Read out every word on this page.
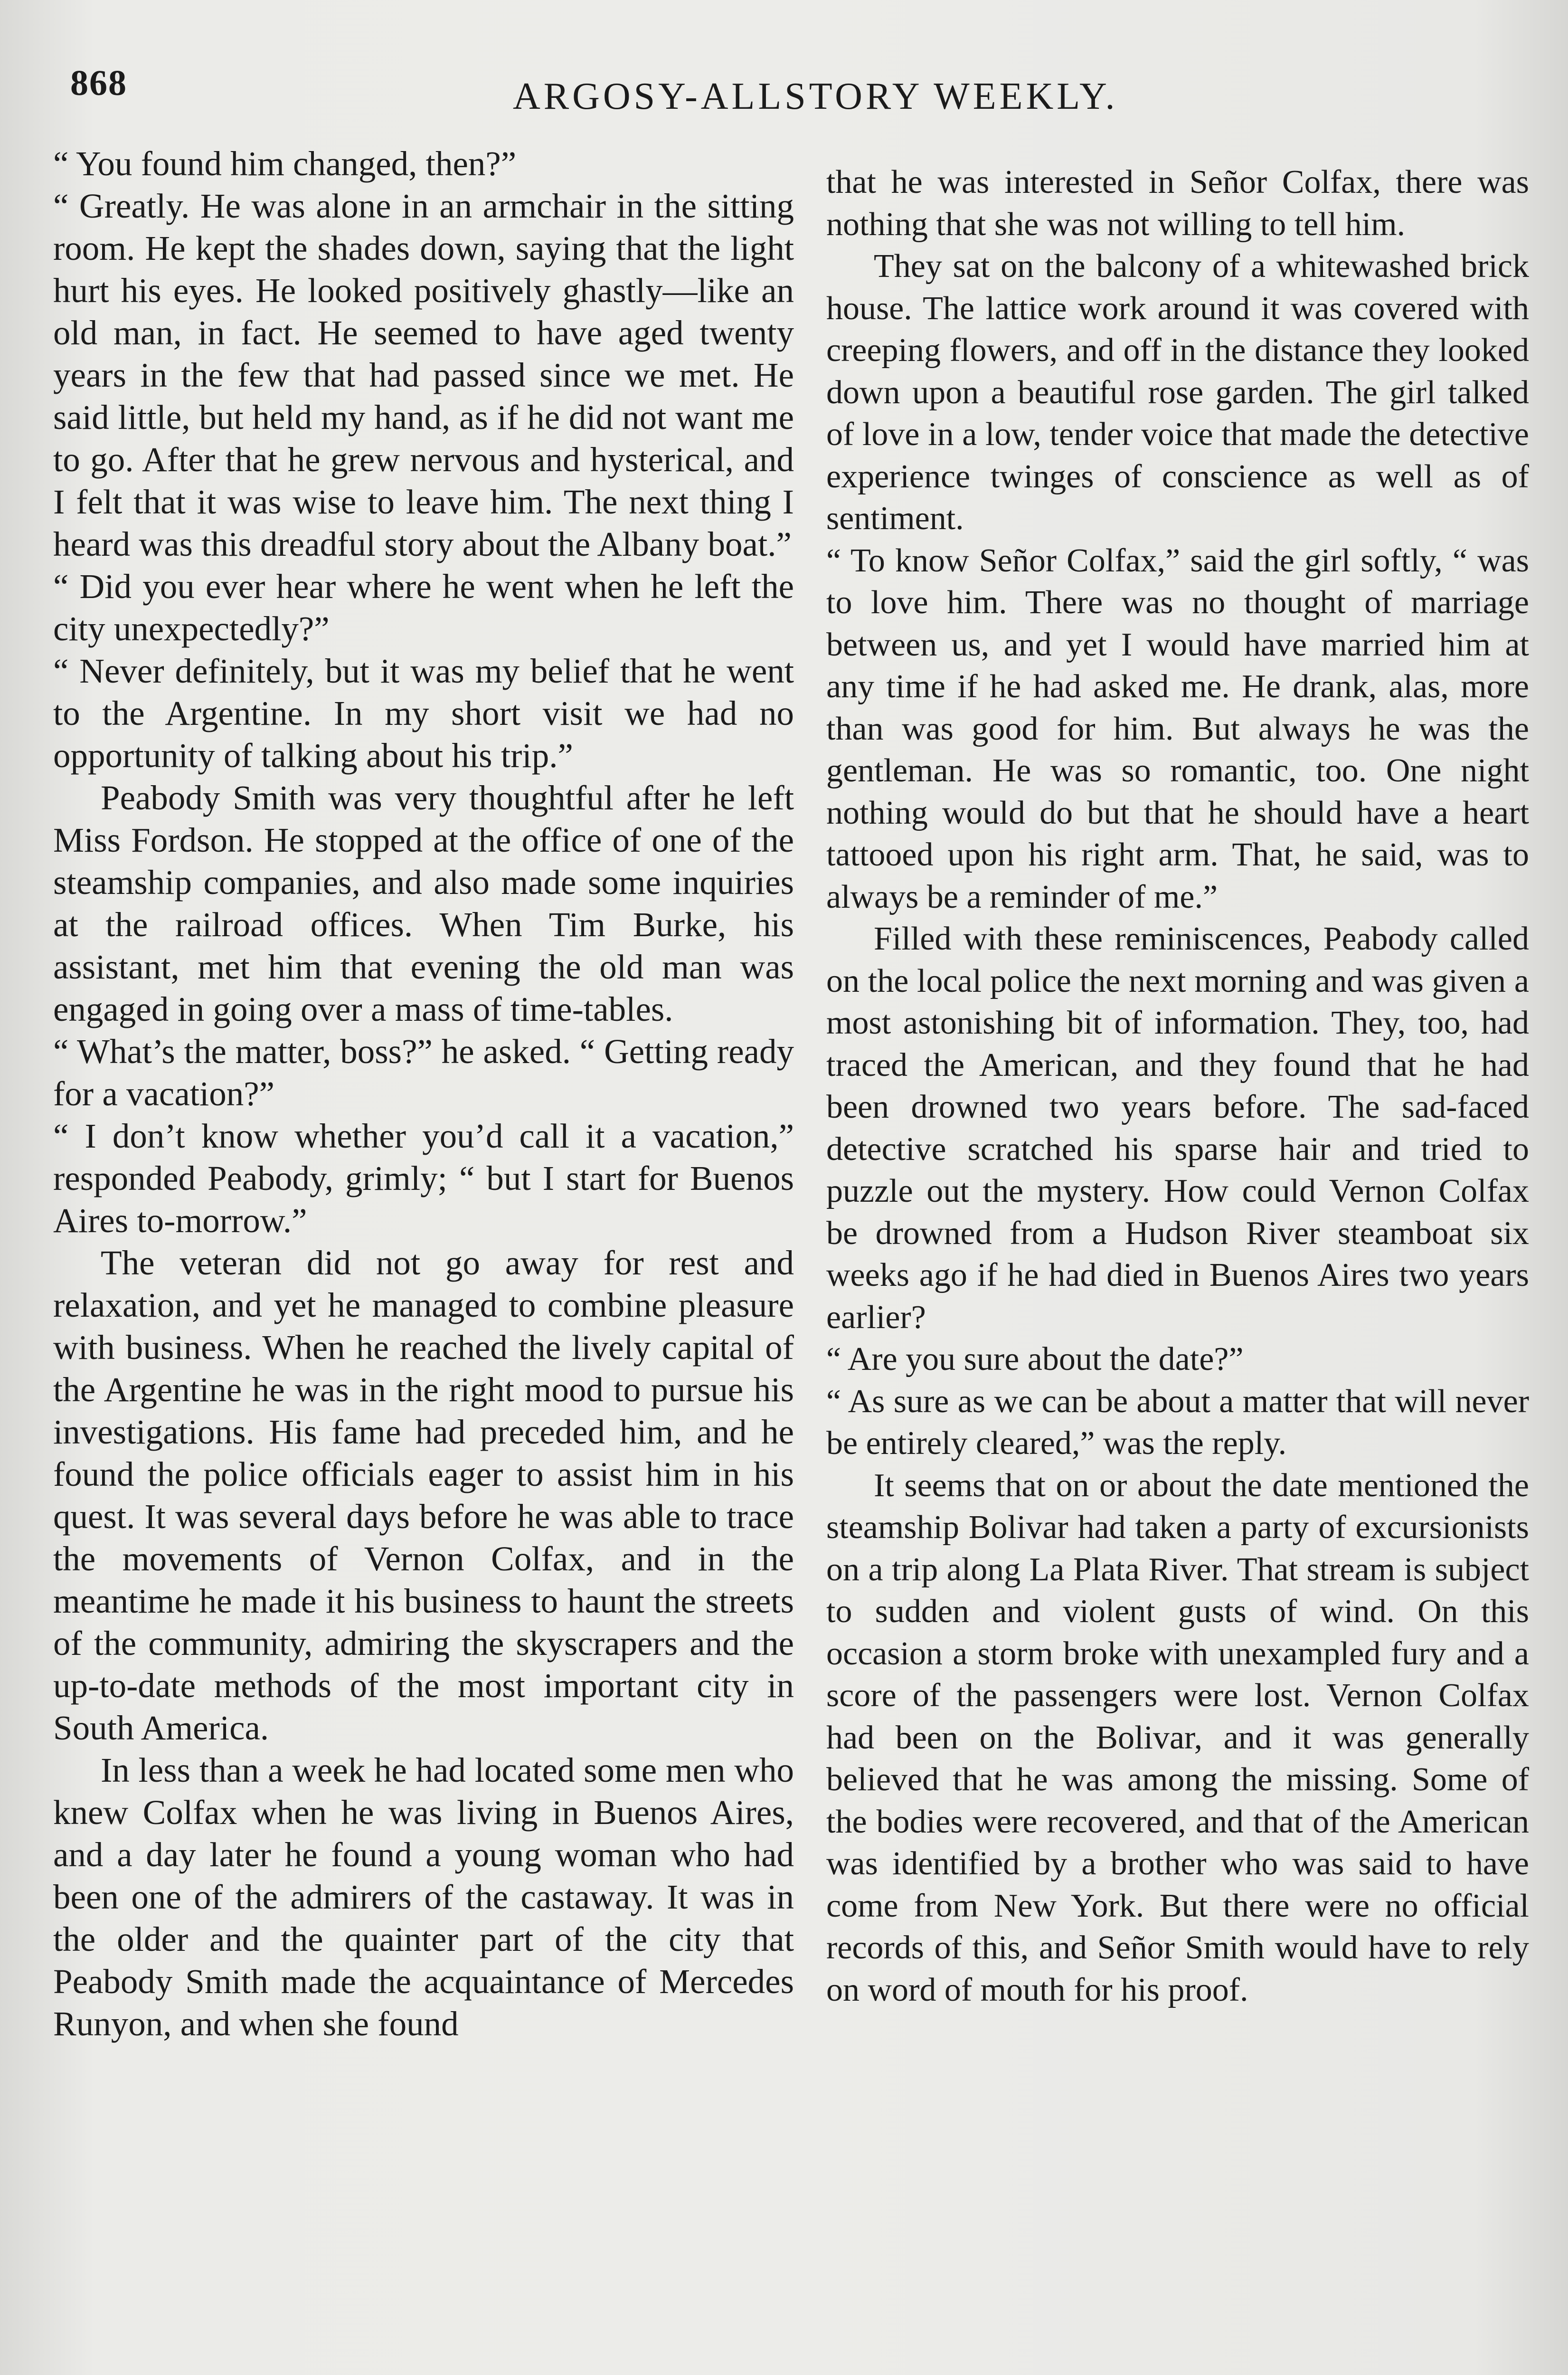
868	ARGOSY-ALLSTORY WEEKLY.

“ You found him changed, then?”

“ Greatly. He was alone in an armchair in the sitting room. He kept the shades down, saying that the light hurt his eyes. He looked positively ghastly—like an old man, in fact. He seemed to have aged twenty years in the few that had passed since we met. He said little, but held my hand, as if he did not want me to go. After that he grew nervous and hysterical, and I felt that it was wise to leave him. The next thing I heard was this dreadful story about the Albany boat.”

“ Did you ever hear where he went when he left the city unexpectedly?”

“ Never definitely, but it was my belief that he went to the Argentine. In my short visit we had no opportunity of talking about his trip.”

Peabody Smith was very thoughtful after he left Miss Fordson. He stopped at the office of one of the steamship companies, and also made some inquiries at the railroad offices. When Tim Burke, his assistant, met him that evening the old man was engaged in going over a mass of time-tables.

“ What’s the matter, boss?” he asked. “ Getting ready for a vacation?”

“ I don’t know whether you’d call it a vacation,” responded Peabody, grimly; “ but I start for Buenos Aires to-morrow.”

The veteran did not go away for rest and relaxation, and yet he managed to combine pleasure with business. When he reached the lively capital of the Argentine he was in the right mood to pursue his investigations. His fame had preceded him, and he found the police officials eager to assist him in his quest. It was several days before he was able to trace the movements of Vernon Colfax, and in the meantime he made it his business to haunt the streets of the community, admiring the skyscrapers and the up-to-date methods of the most important city in South America.

In less than a week he had located some men who knew Colfax when he was living in Buenos Aires, and a day later he found a young woman who had been one of the admirers of the castaway. It was in the older and the quainter part of the city that Peabody Smith made the acquaintance of Mercedes Runyon, and when she found

that he was interested in Señor Colfax, there was nothing that she was not willing to tell him.

They sat on the balcony of a whitewashed brick house. The lattice work around it was covered with creeping flowers, and off in the distance they looked down upon a beautiful rose garden. The girl talked of love in a low, tender voice that made the detective experience twinges of conscience as well as of sentiment.

“ To know Señor Colfax,” said the girl softly, “ was to love him. There was no thought of marriage between us, and yet I would have married him at any time if he had asked me. He drank, alas, more than was good for him. But always he was the gentleman. He was so romantic, too. One night nothing would do but that he should have a heart tattooed upon his right arm. That, he said, was to always be a reminder of me.”

Filled with these reminiscences, Peabody called on the local police the next morning and was given a most astonishing bit of information. They, too, had traced the American, and they found that he had been drowned two years before. The sad-faced detective scratched his sparse hair and tried to puzzle out the mystery. How could Vernon Colfax be drowned from a Hudson River steamboat six weeks ago if he had died in Buenos Aires two years earlier?

“ Are you sure about the date?”

“ As sure as we can be about a matter that will never be entirely cleared,” was the reply.

It seems that on or about the date mentioned the steamship Bolivar had taken a party of excursionists on a trip along La Plata River. That stream is subject to sudden and violent gusts of wind. On this occasion a storm broke with unexampled fury and a score of the passengers were lost. Vernon Colfax had been on the Bolivar, and it was generally believed that he was among the missing. Some of the bodies were recovered, and that of the American was identified by a brother who was said to have come from New York. But there were no official records of this, and Señor Smith would have to rely on word of mouth for his proof.
